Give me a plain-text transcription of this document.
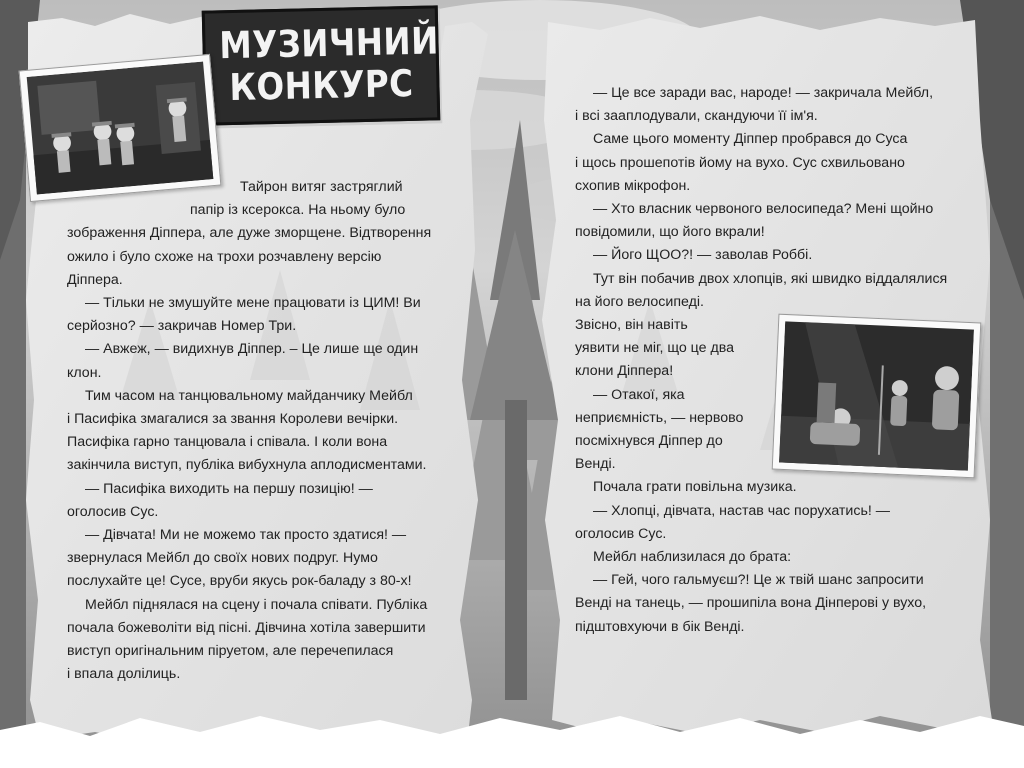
МУЗИЧНИЙ
КОНКУРС

Тайрон витяг застряглий

папір із ксерокса. На ньому було

зображення Діппера, але дуже зморщене. Відтворення

ожило і було схоже на трохи розчавлену версію

Діппера.

— Тільки не змушуйте мене працювати із ЦИМ! Ви

серйозно? — закричав Номер Три.

— Авжеж, — видихнув Діппер. – Це лише ще один

клон.

Тим часом на танцювальному майданчику Мейбл

і Пасифіка змагалися за звання Королеви вечірки.

Пасифіка гарно танцювала і співала. І коли вона

закінчила виступ, публіка вибухнула аплодисментами.

— Пасифіка виходить на першу позицію! —

оголосив Сус.

— Дівчата! Ми не можемо так просто здатися! —

звернулася Мейбл до своїх нових подруг. Нумо

послухайте це! Сусе, вруби якусь рок-баладу з 80-х!

Мейбл піднялася на сцену і почала співати. Публіка

почала божеволіти від пісні. Дівчина хотіла завершити

виступ оригінальним піруетом, але перечепилася

і впала долілиць.

— Це все заради вас, народе! — закричала Мейбл,

і всі зааплодували, скандуючи її ім'я.

Саме цього моменту Діппер пробрався до Суса

і щось прошепотів йому на вухо. Сус схвильовано

схопив мікрофон.

— Хто власник червоного велосипеда? Мені щойно

повідомили, що його вкрали!

— Його ЩОО?! — заволав Роббі.

Тут він побачив двох хлопців, які швидко віддалялися

на його велосипеді.

Звісно, він навіть

уявити не міг, що це два

клони Діппера!

— Отакої, яка

неприємність, — нервово

посміхнувся Діппер до

Венді.

Почала грати повільна музика.

— Хлопці, дівчата, настав час порухатись! —

оголосив Сус.

Мейбл наблизилася до брата:

— Гей, чого гальмуєш?! Це ж твій шанс запросити

Венді на танець, — прошипіла вона Дінперові у вухо,

підштовхуючи в бік Венді.
